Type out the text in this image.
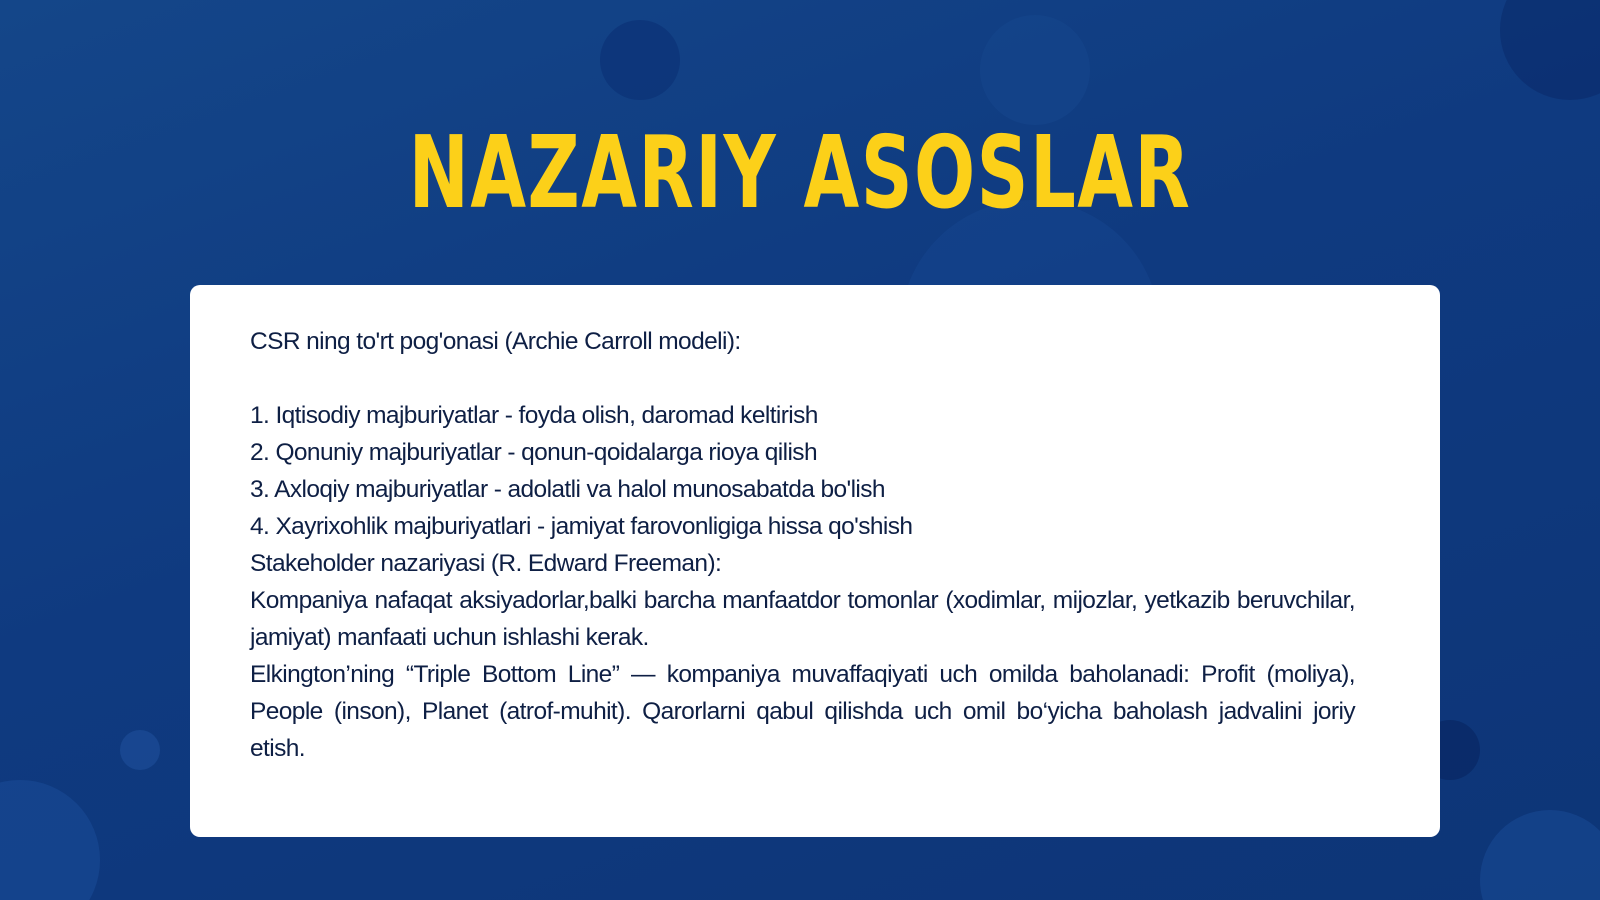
NAZARIY ASOSLAR

CSR ning to'rt pog'onasi (Archie Carroll modeli):

1. Iqtisodiy majburiyatlar - foyda olish, daromad keltirish

2. Qonuniy majburiyatlar - qonun-qoidalarga rioya qilish

3. Axloqiy majburiyatlar - adolatli va halol munosabatda bo'lish

4. Xayrixohlik majburiyatlari - jamiyat farovonligiga hissa qo'shish

Stakeholder nazariyasi (R. Edward Freeman):

Kompaniya nafaqat aksiyadorlar,balki barcha manfaatdor tomonlar (xodimlar, mijozlar, yetkazib beruvchilar, jamiyat) manfaati uchun ishlashi kerak.

Elkington’ning “Triple Bottom Line” — kompaniya muvaffaqiyati uch omilda baholanadi: Profit (moliya), People (inson), Planet (atrof-muhit). Qarorlarni qabul qilishda uch omil bo‘yicha baholash jadvalini joriy etish.
